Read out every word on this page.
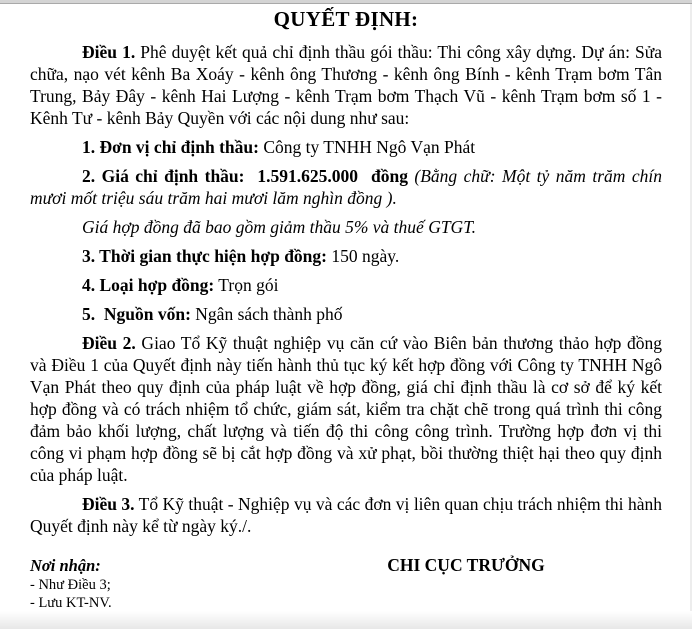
QUYẾT ĐỊNH:

Điều 1. Phê duyệt kết quả chỉ định thầu gói thầu: Thi công xây dựng. Dự án: Sửa chữa, nạo vét kênh Ba Xoáy - kênh ông Thương - kênh ông Bính - kênh Trạm bơm Tân Trung, Bảy Đây - kênh Hai Lượng - kênh Trạm bơm Thạch Vũ - kênh Trạm bơm số 1 - Kênh Tư - kênh Bảy Quyền với các nội dung như sau:

1. Đơn vị chỉ định thầu: Công ty TNHH Ngô Vạn Phát

2. Giá chỉ định thầu:  1.591.625.000  đồng (Bằng chữ: Một tỷ năm trăm chín mươi mốt triệu sáu trăm hai mươi lăm nghìn đồng ).

Giá hợp đồng đã bao gồm giảm thầu 5% và thuế GTGT.

3. Thời gian thực hiện hợp đồng: 150 ngày.

4. Loại hợp đồng: Trọn gói

5.  Nguồn vốn: Ngân sách thành phố

Điều 2. Giao Tổ Kỹ thuật nghiệp vụ căn cứ vào Biên bản thương thảo hợp đồng và Điều 1 của Quyết định này tiến hành thủ tục ký kết hợp đồng với Công ty TNHH Ngô Vạn Phát theo quy định của pháp luật về hợp đồng, giá chỉ định thầu là cơ sở để ký kết hợp đồng và có trách nhiệm tổ chức, giám sát, kiểm tra chặt chẽ trong quá trình thi công đảm bảo khối lượng, chất lượng và tiến độ thi công công trình. Trường hợp đơn vị thi công vi phạm hợp đồng sẽ bị cắt hợp đồng và xử phạt, bồi thường thiệt hại theo quy định của pháp luật.

Điều 3. Tổ Kỹ thuật - Nghiệp vụ và các đơn vị liên quan chịu trách nhiệm thi hành Quyết định này kể từ ngày ký./.

Nơi nhận:
- Như Điều 3;
- Lưu KT-NV.
CHI CỤC TRƯỞNG
